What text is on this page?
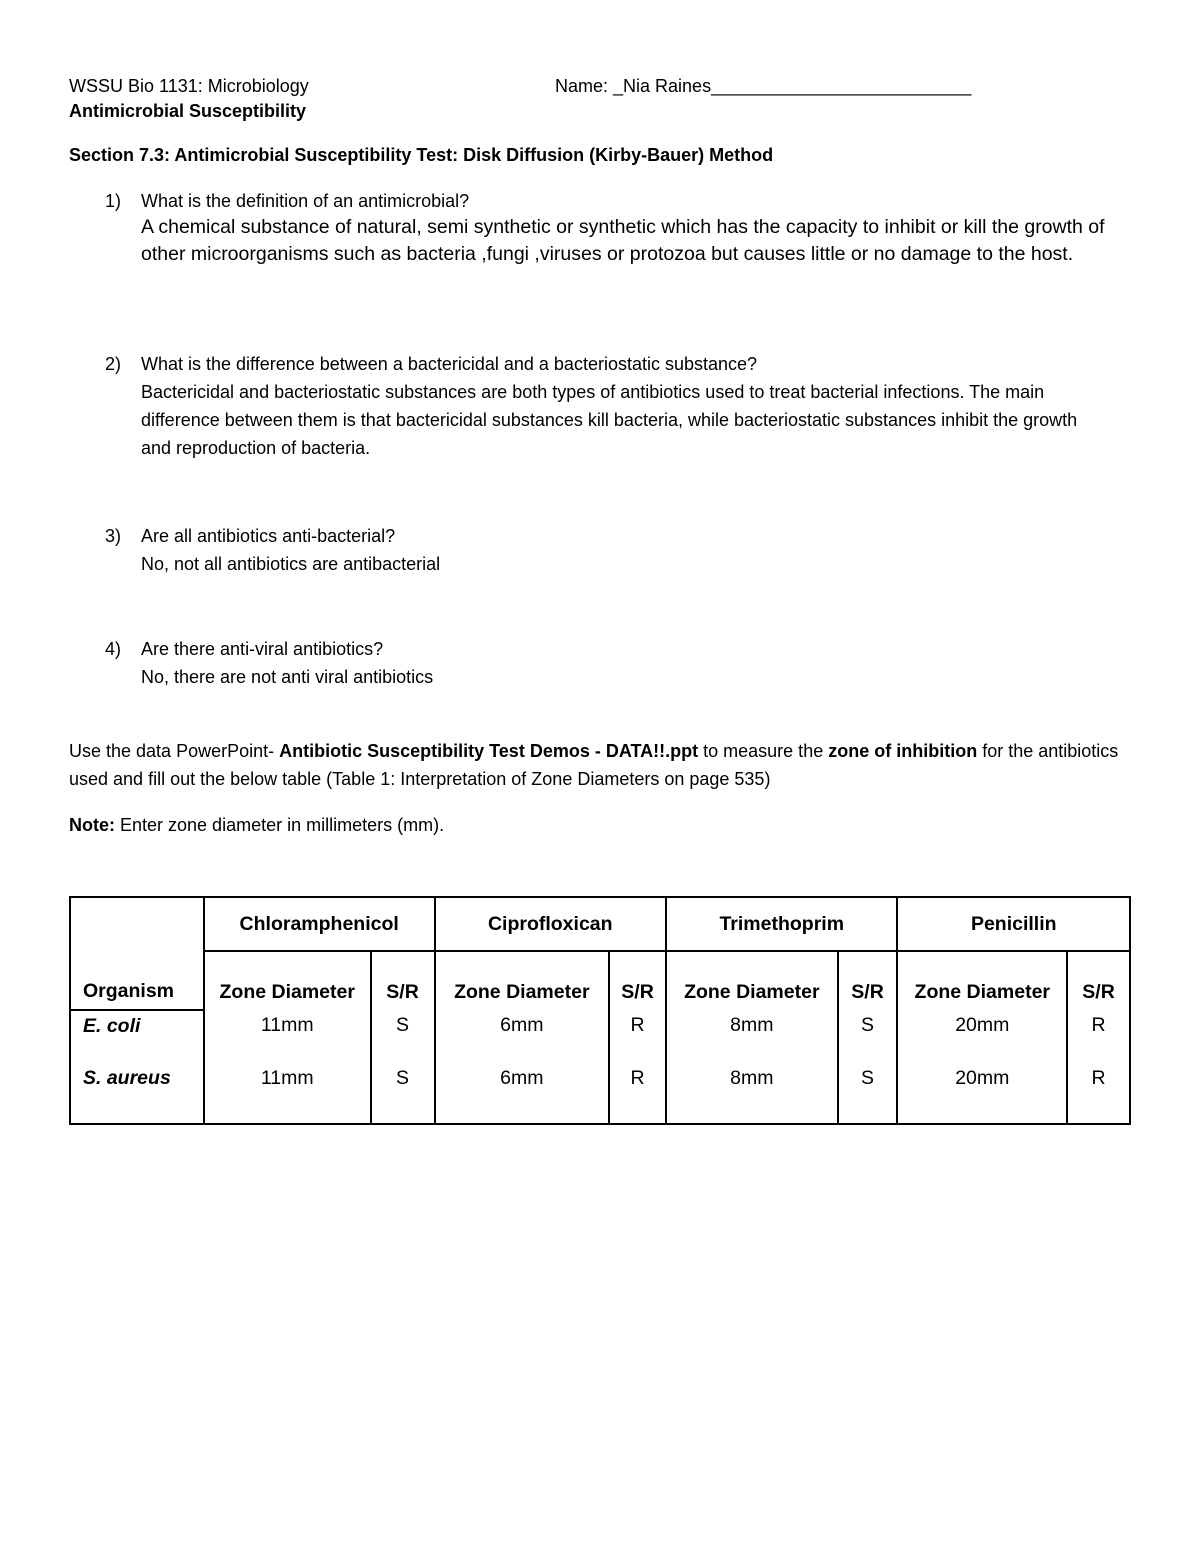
WSSU Bio 1131: Microbiology	Name: _Nia Raines__________________________
Antimicrobial Susceptibility
Section 7.3: Antimicrobial Susceptibility Test: Disk Diffusion (Kirby-Bauer) Method
1) What is the definition of an antimicrobial?
A chemical substance of natural, semi synthetic or synthetic which has the capacity to inhibit or kill the growth of other microorganisms such as bacteria ,fungi ,viruses or protozoa but causes little or no damage to the host.
2) What is the difference between a bactericidal and a bacteriostatic substance?
Bactericidal and bacteriostatic substances are both types of antibiotics used to treat bacterial infections. The main difference between them is that bactericidal substances kill bacteria, while bacteriostatic substances inhibit the growth and reproduction of bacteria.
3) Are all antibiotics anti-bacterial?
No, not all antibiotics are antibacterial
4) Are there anti-viral antibiotics?
No, there are not anti viral antibiotics
Use the data PowerPoint- Antibiotic Susceptibility Test Demos - DATA!!.ppt to measure the zone of inhibition for the antibiotics used and fill out the below table (Table 1: Interpretation of Zone Diameters on page 535)
Note: Enter zone diameter in millimeters (mm).
Organism	Chloramphenicol		Ciprofloxican		Trimethoprim		Penicillin	
	Zone Diameter	S/R	Zone Diameter	S/R	Zone Diameter	S/R	Zone Diameter	S/R
E. coli	11mm	S	6mm	R	8mm	S	20mm	R
S. aureus	11mm	S	6mm	R	8mm	S	20mm	R
